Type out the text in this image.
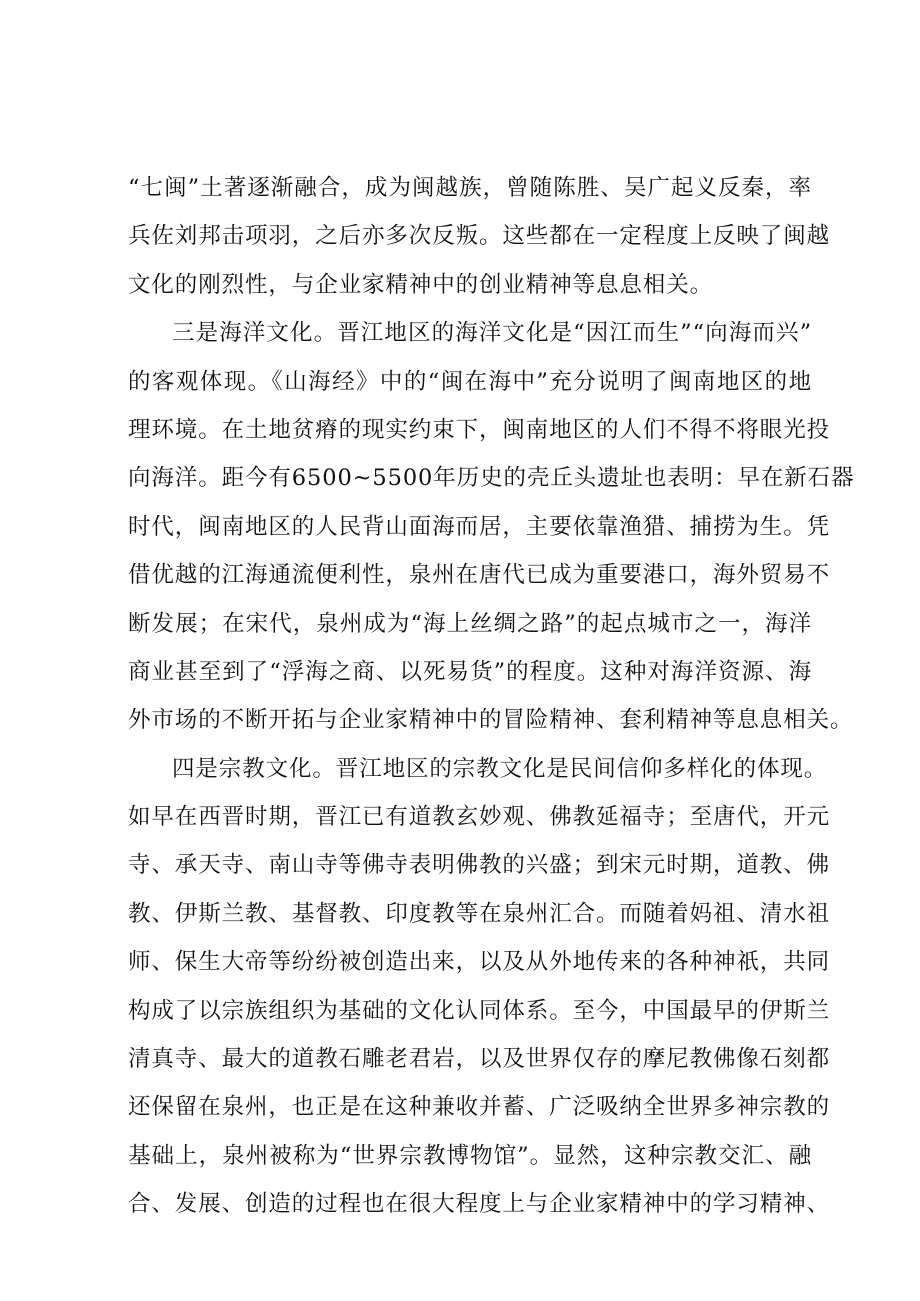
“七闽”土著逐渐融合，成为闽越族，曾随陈胜、吴广起义反秦，率
兵佐刘邦击项羽，之后亦多次反叛。这些都在一定程度上反映了闽越
文化的刚烈性，与企业家精神中的创业精神等息息相关。
三是海洋文化。晋江地区的海洋文化是“因江而生”“向海而兴”
的客观体现。《山海经》中的“闽在海中”充分说明了闽南地区的地
理环境。在土地贫瘠的现实约束下，闽南地区的人们不得不将眼光投
向海洋。距今有6500~5500年历史的壳丘头遗址也表明：早在新石器
时代，闽南地区的人民背山面海而居，主要依靠渔猎、捕捞为生。凭
借优越的江海通流便利性，泉州在唐代已成为重要港口，海外贸易不
断发展；在宋代，泉州成为“海上丝绸之路”的起点城市之一，海洋
商业甚至到了“浮海之商、以死易货”的程度。这种对海洋资源、海
外市场的不断开拓与企业家精神中的冒险精神、套利精神等息息相关。
四是宗教文化。晋江地区的宗教文化是民间信仰多样化的体现。
如早在西晋时期，晋江已有道教玄妙观、佛教延福寺；至唐代，开元
寺、承天寺、南山寺等佛寺表明佛教的兴盛；到宋元时期，道教、佛
教、伊斯兰教、基督教、印度教等在泉州汇合。而随着妈祖、清水祖
师、保生大帝等纷纷被创造出来，以及从外地传来的各种神祇，共同
构成了以宗族组织为基础的文化认同体系。至今，中国最早的伊斯兰
清真寺、最大的道教石雕老君岩，以及世界仅存的摩尼教佛像石刻都
还保留在泉州，也正是在这种兼收并蓄、广泛吸纳全世界多神宗教的
基础上，泉州被称为“世界宗教博物馆”。显然，这种宗教交汇、融
合、发展、创造的过程也在很大程度上与企业家精神中的学习精神、
